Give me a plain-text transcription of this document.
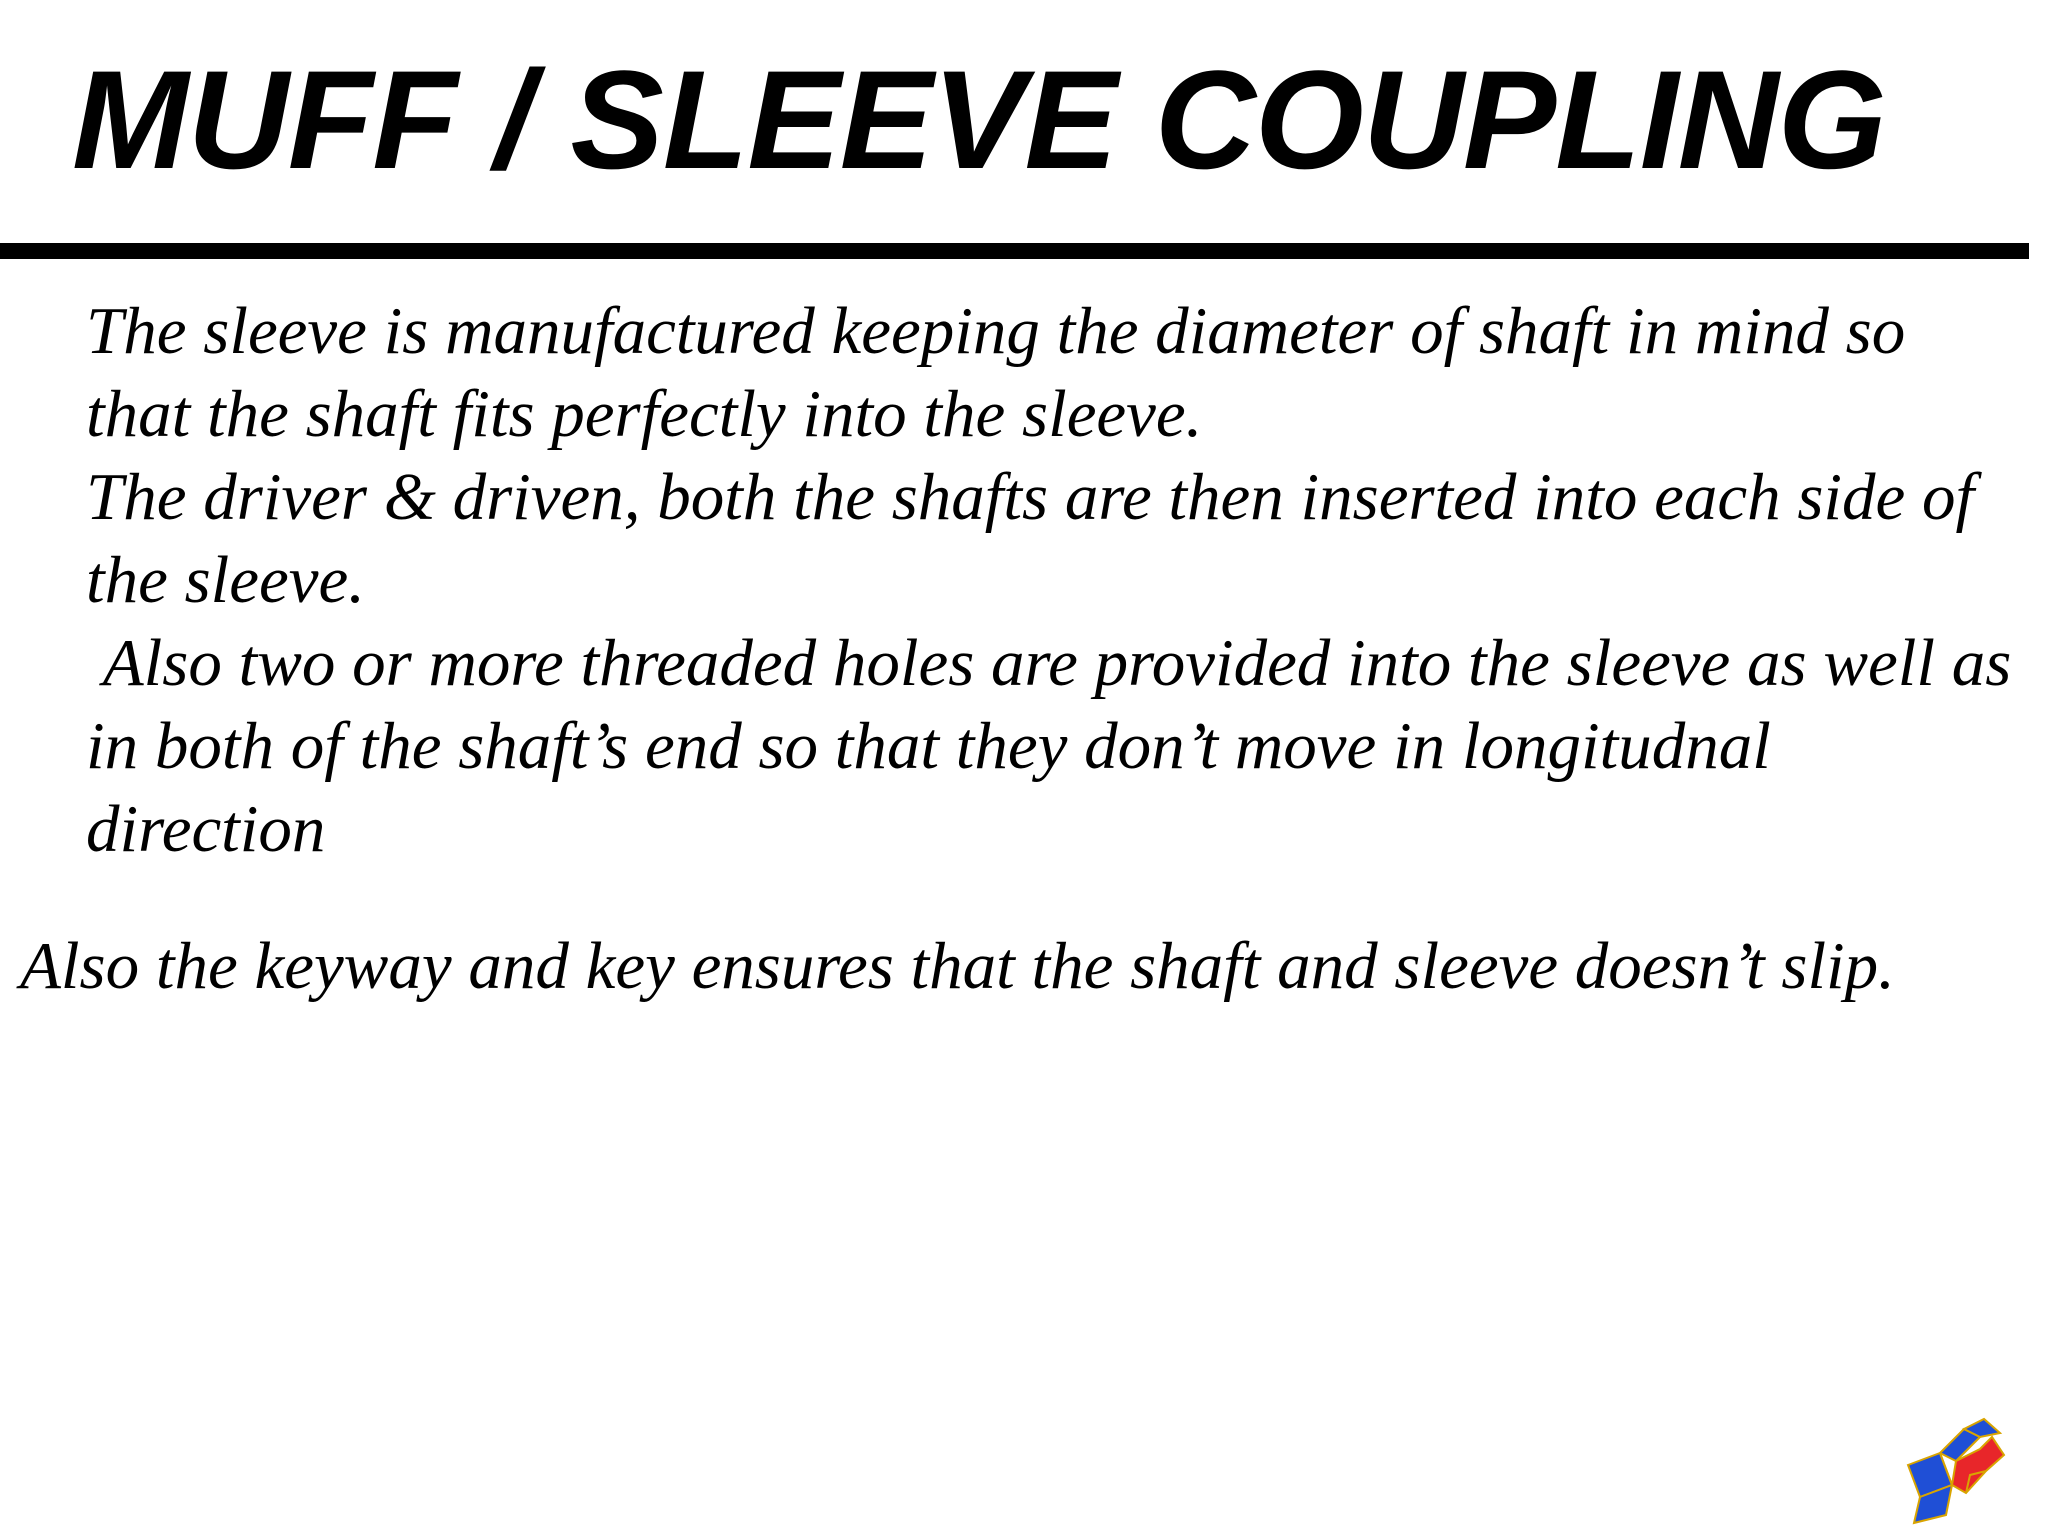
MUFF / SLEEVE COUPLING

The sleeve is manufactured keeping the diameter of shaft in mind so that the shaft fits perfectly into the sleeve.

The driver & driven, both the shafts are then inserted into each side of the sleeve.

Also two or more threaded holes are provided into the sleeve as well as in both of the shaft’s end so that they don’t move in longitudnal direction

Also the keyway and key ensures that the shaft and sleeve doesn’t slip.
